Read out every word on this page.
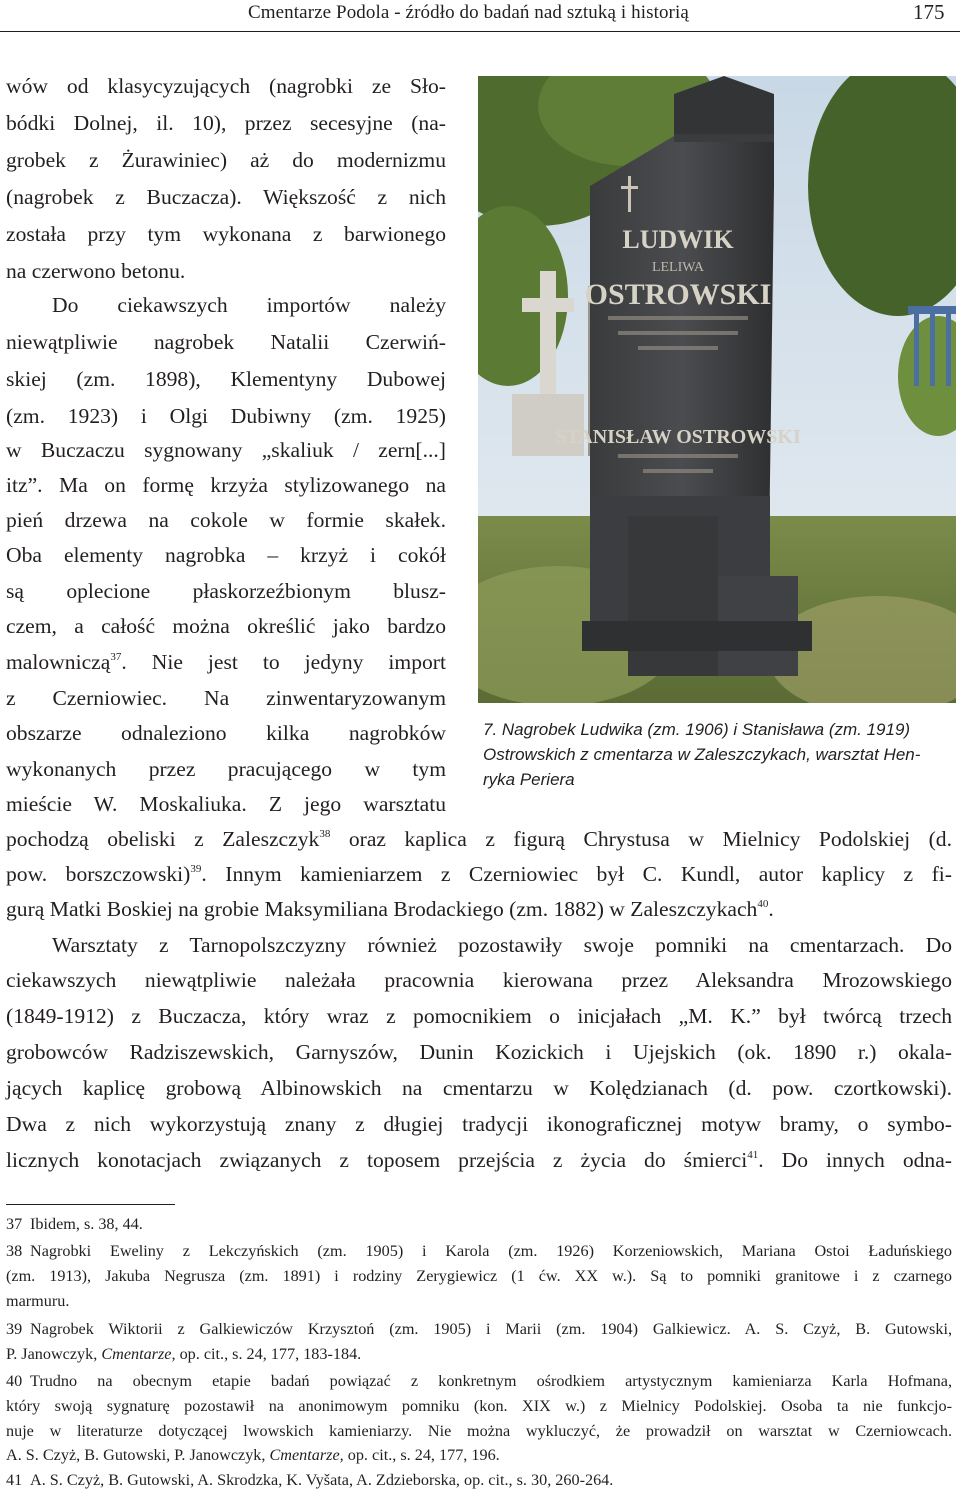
Cmentarze Podola - źródło do badań nad sztuką i historią	175
wów od klasycyzujących (nagrobki ze Sło-
bódki Dolnej, il. 10), przez secesyjne (na-
grobek z Żurawiniec) aż do modernizmu
(nagrobek z Buczacza). Większość z nich
została przy tym wykonana z barwionego
na czerwono betonu.
Do ciekawszych importów należy
niewątpliwie nagrobek Natalii Czerwiń-
skiej (zm. 1898), Klementyny Dubowej
(zm. 1923) i Olgi Dubiwny (zm. 1925)
w Buczaczu sygnowany „skaliuk / zern[...]
itz”. Ma on formę krzyża stylizowanego na
pień drzewa na cokole w formie skałek.
Oba elementy nagrobka – krzyż i cokół
są oplecione płaskorzeźbionym blusz-
czem, a całość można określić jako bardzo
malowniczą$^{37}$. Nie jest to jedyny import
z Czerniowiec. Na zinwentaryzowanym
obszarze odnaleziono kilka nagrobków
wykonanych przez pracującego w tym
mieście W. Moskaliuka. Z jego warsztatu
LUDWIK
LELIWA
OSTROWSKI
STANISŁAW OSTROWSKI
7. Nagrobek Ludwika (zm. 1906) i Stanisława (zm. 1919)
Ostrowskich z cmentarza w Zaleszczykach, warsztat Hen-
ryka Periera
pochodzą obeliski z Zaleszczyk$^{38}$ oraz kaplica z figurą Chrystusa w Mielnicy Podolskiej (d.
pow. borszczowski)$^{39}$. Innym kamieniarzem z Czerniowiec był C. Kundl, autor kaplicy z fi-
gurą Matki Boskiej na grobie Maksymiliana Brodackiego (zm. 1882) w Zaleszczykach$^{40}$.
Warsztaty z Tarnopolszczyzny również pozostawiły swoje pomniki na cmentarzach. Do
ciekawszych niewątpliwie należała pracownia kierowana przez Aleksandra Mrozowskiego
(1849-1912) z Buczacza, który wraz z pomocnikiem o inicjałach „M. K.” był twórcą trzech
grobowców Radziszewskich, Garnyszów, Dunin Kozickich i Ujejskich (ok. 1890 r.) okala-
jących kaplicę grobową Albinowskich na cmentarzu w Kolędzianach (d. pow. czortkowski).
Dwa z nich wykorzystują znany z długiej tradycji ikonograficznej motyw bramy, o symbo-
licznych konotacjach związanych z toposem przejścia z życia do śmierci$^{41}$. Do innych odna-
37 Ibidem, s. 38, 44.
38 Nagrobki Eweliny z Lekczyńskich (zm. 1905) i Karola (zm. 1926) Korzeniowskich, Mariana Ostoi Ładuńskiego
(zm. 1913), Jakuba Negrusza (zm. 1891) i rodziny Zerygiewicz (1 ćw. XX w.). Są to pomniki granitowe i z czarnego
marmuru.
39 Nagrobek Wiktorii z Galkiewiczów Krzysztoń (zm. 1905) i Marii (zm. 1904) Galkiewicz. A. S. Czyż, B. Gutowski,
P. Janowczyk, Cmentarze, op. cit., s. 24, 177, 183-184.
40 Trudno na obecnym etapie badań powiązać z konkretnym ośrodkiem artystycznym kamieniarza Karla Hofmana,
który swoją sygnaturę pozostawił na anonimowym pomniku (kon. XIX w.) z Mielnicy Podolskiej. Osoba ta nie funkcjo-
nuje w literaturze dotyczącej lwowskich kamieniarzy. Nie można wykluczyć, że prowadził on warsztat w Czerniowcach.
A. S. Czyż, B. Gutowski, P. Janowczyk, Cmentarze, op. cit., s. 24, 177, 196.
41 A. S. Czyż, B. Gutowski, A. Skrodzka, K. Vyšata, A. Zdzieborska, op. cit., s. 30, 260-264.
